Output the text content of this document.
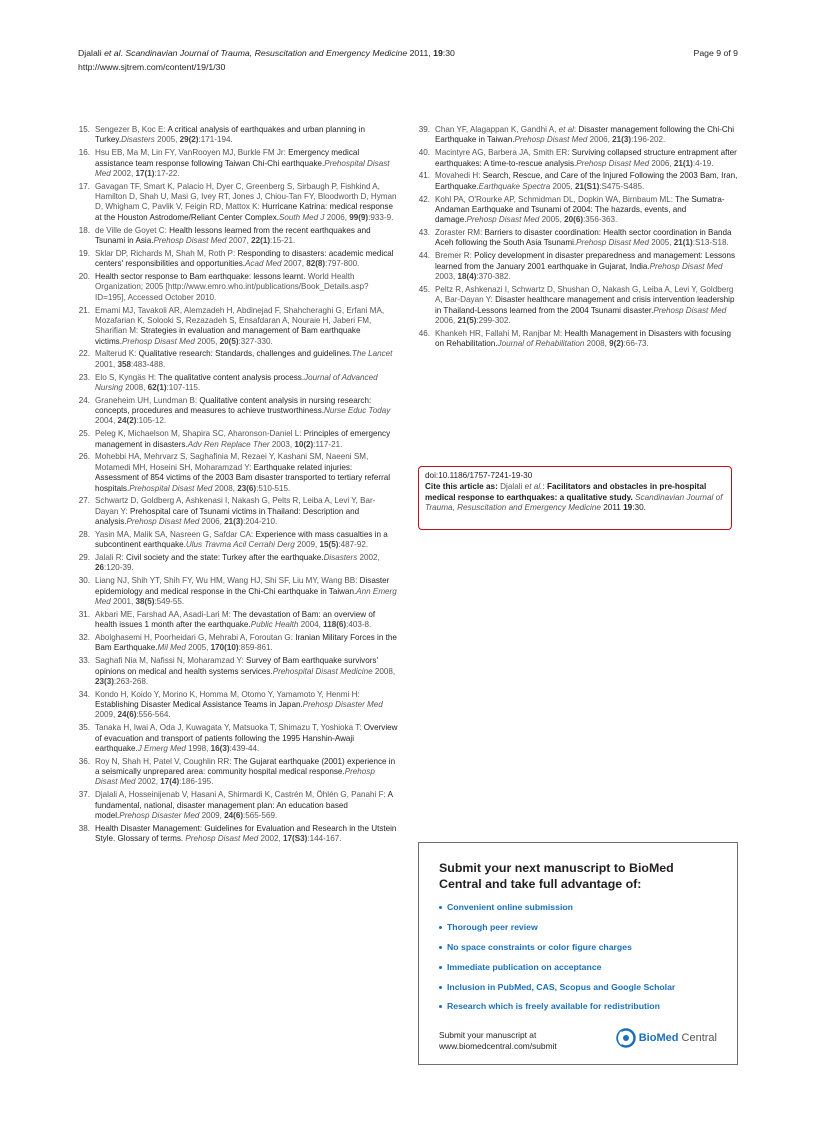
Djalali et al. Scandinavian Journal of Trauma, Resuscitation and Emergency Medicine 2011, 19:30
http://www.sjtrem.com/content/19/1/30
Page 9 of 9
15. Sengezer B, Koc E: A critical analysis of earthquakes and urban planning in Turkey.Disasters 2005, 29(2):171-194.
16. Hsu EB, Ma M, Lin FY, VanRooyen MJ, Burkle FM Jr: Emergency medical assistance team response following Taiwan Chi-Chi earthquake.Prehospital Disast Med 2002, 17(1):17-22.
17. Gavagan TF, Smart K, Palacio H, Dyer C, Greenberg S, Sirbaugh P, Fishkind A, Hamilton D, Shah U, Masi G, Ivey RT, Jones J, Chiou-Tan FY, Bloodworth D, Hyman D, Whigham C, Pavlik V, Feigin RD, Mattox K: Hurricane Katrina: medical response at the Houston Astrodome/Reliant Center Complex.South Med J 2006, 99(9):933-9.
18. de Ville de Goyet C: Health lessons learned from the recent earthquakes and Tsunami in Asia.Prehosp Disast Med 2007, 22(1):15-21.
19. Sklar DP, Richards M, Shah M, Roth P: Responding to disasters: academic medical centers' responsibilities and opportunities.Acad Med 2007, 82(8):797-800.
20. Health sector response to Bam earthquake: lessons learnt. World Health Organization; 2005 [http://www.emro.who.int/publications/Book_Details.asp?ID=195], Accessed October 2010.
21. Emami MJ, Tavakoli AR, Alemzadeh H, Abdinejad F, Shahcheraghi G, Erfani MA, Mozafarian K, Solooki S, Rezazadeh S, Ensafdaran A, Nouraie H, Jaberi FM, Sharifian M: Strategies in evaluation and management of Bam earthquake victims.Prehosp Disast Med 2005, 20(5):327-330.
22. Malterud K: Qualitative research: Standards, challenges and guidelines.The Lancet 2001, 358:483-488.
23. Elo S, Kyngäs H: The qualitative content analysis process.Journal of Advanced Nursing 2008, 62(1):107-115.
24. Graneheim UH, Lundman B: Qualitative content analysis in nursing research: concepts, procedures and measures to achieve trustworthiness.Nurse Educ Today 2004, 24(2):105-12.
25. Peleg K, Michaelson M, Shapira SC, Aharonson-Daniel L: Principles of emergency management in disasters.Adv Ren Replace Ther 2003, 10(2):117-21.
26. Mohebbi HA, Mehrvarz S, Saghafinia M, Rezaei Y, Kashani SM, Naeeni SM, Motamedi MH, Hoseini SH, Moharamzad Y: Earthquake related injuries: Assessment of 854 victims of the 2003 Bam disaster transported to tertiary referral hospitals.Prehospital Disast Med 2008, 23(6):510-515.
27. Schwartz D, Goldberg A, Ashkenasi I, Nakash G, Pelts R, Leiba A, Levi Y, Bar-Dayan Y: Prehospital care of Tsunami victims in Thailand: Description and analysis.Prehosp Disast Med 2006, 21(3):204-210.
28. Yasin MA, Malik SA, Nasreen G, Safdar CA: Experience with mass casualties in a subcontinent earthquake.Ulus Travma Acil Cerrahi Derg 2009, 15(5):487-92.
29. Jalali R: Civil society and the state: Turkey after the earthquake.Disasters 2002, 26:120-39.
30. Liang NJ, Shih YT, Shih FY, Wu HM, Wang HJ, Shi SF, Liu MY, Wang BB: Disaster epidemiology and medical response in the Chi-Chi earthquake in Taiwan.Ann Emerg Med 2001, 38(5):549-55.
31. Akbari ME, Farshad AA, Asadi-Lari M: The devastation of Bam: an overview of health issues 1 month after the earthquake.Public Health 2004, 118(6):403-8.
32. Abolghasemi H, Poorheidari G, Mehrabi A, Foroutan G: Iranian Military Forces in the Bam Earthquake.Mil Med 2005, 170(10):859-861.
33. Saghafi Nia M, Nafissi N, Moharamzad Y: Survey of Bam earthquake survivors' opinions on medical and health systems services.Prehospital Disast Medicine 2008, 23(3):263-268.
34. Kondo H, Koido Y, Morino K, Homma M, Otomo Y, Yamamoto Y, Henmi H: Establishing Disaster Medical Assistance Teams in Japan.Prehosp Disaster Med 2009, 24(6):556-564.
35. Tanaka H, Iwai A, Oda J, Kuwagata Y, Matsuoka T, Shimazu T, Yoshioka T: Overview of evacuation and transport of patients following the 1995 Hanshin-Awaji earthquake.J Emerg Med 1998, 16(3):439-44.
36. Roy N, Shah H, Patel V, Coughlin RR: The Gujarat earthquake (2001) experience in a seismically unprepared area: community hospital medical response.Prehosp Disast Med 2002, 17(4):186-195.
37. Djalali A, Hosseinijenab V, Hasani A, Shirmardi K, Castrén M, Öhlén G, Panahi F: A fundamental, national, disaster management plan: An education based model.Prehosp Disaster Med 2009, 24(6):565-569.
38. Health Disaster Management: Guidelines for Evaluation and Research in the Utstein Style. Glossary of terms. Prehosp Disast Med 2002, 17(S3):144-167.
39. Chan YF, Alagappan K, Gandhi A, et al: Disaster management following the Chi-Chi Earthquake in Taiwan.Prehosp Disast Med 2006, 21(3):196-202.
40. Macintyre AG, Barbera JA, Smith ER: Surviving collapsed structure entrapment after earthquakes: A time-to-rescue analysis.Prehosp Disast Med 2006, 21(1):4-19.
41. Movahedi H: Search, Rescue, and Care of the Injured Following the 2003 Bam, Iran, Earthquake.Earthquake Spectra 2005, 21(S1):S475-S485.
42. Kohl PA, O'Rourke AP, Schmidman DL, Dopkin WA, Birnbaum ML: The Sumatra-Andaman Earthquake and Tsunami of 2004: The hazards, events, and damage.Prehosp Disast Med 2005, 20(6):356-363.
43. Zoraster RM: Barriers to disaster coordination: Health sector coordination in Banda Aceh following the South Asia Tsunami.Prehosp Disast Med 2005, 21(1):S13-S18.
44. Bremer R: Policy development in disaster preparedness and management: Lessons learned from the January 2001 earthquake in Gujarat, India.Prehosp Disast Med 2003, 18(4):370-382.
45. Peltz R, Ashkenazi I, Schwartz D, Shushan O, Nakash G, Leiba A, Levi Y, Goldberg A, Bar-Dayan Y: Disaster healthcare management and crisis intervention leadership in Thailand-Lessons learned from the 2004 Tsunami disaster.Prehosp Disast Med 2006, 21(5):299-302.
46. Khankeh HR, Fallahi M, Ranjbar M: Health Management in Disasters with focusing on Rehabilitation.Journal of Rehabilitation 2008, 9(2):66-73.
doi:10.1186/1757-7241-19-30
Cite this article as: Djalali et al.: Facilitators and obstacles in pre-hospital medical response to earthquakes: a qualitative study. Scandinavian Journal of Trauma, Resuscitation and Emergency Medicine 2011 19:30.
Submit your next manuscript to BioMed Central and take full advantage of:
Convenient online submission
Thorough peer review
No space constraints or color figure charges
Immediate publication on acceptance
Inclusion in PubMed, CAS, Scopus and Google Scholar
Research which is freely available for redistribution
Submit your manuscript at
www.biomedcentral.com/submit
BioMed Central
